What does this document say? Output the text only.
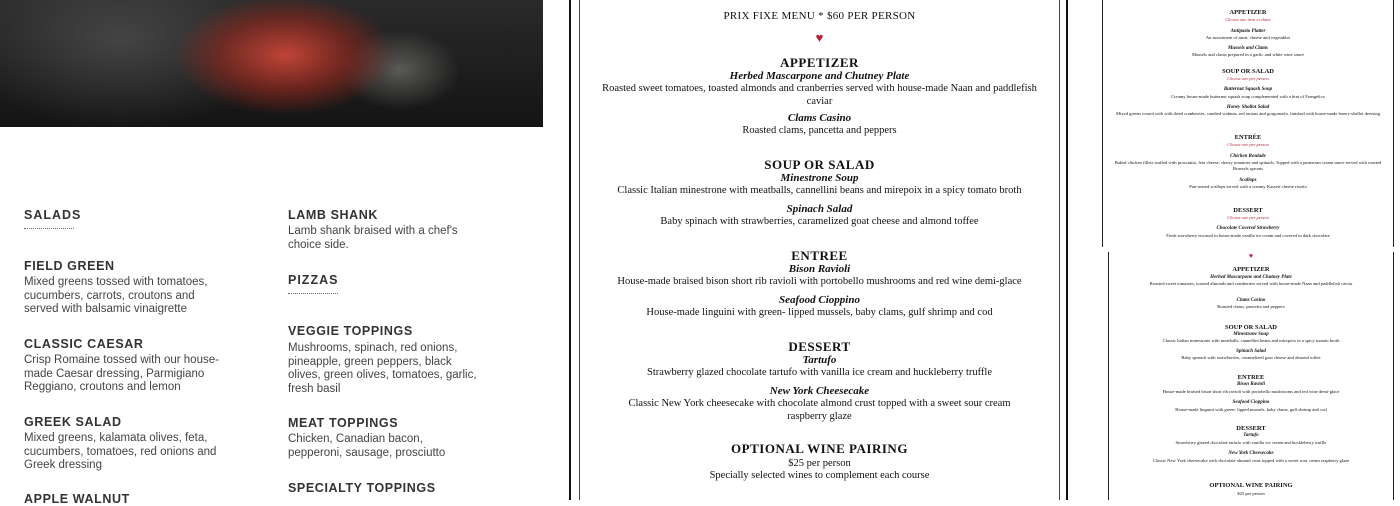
SALADS
FIELD GREEN
Mixed greens tossed with tomatoes, cucumbers, carrots, croutons and served with balsamic vinaigrette
CLASSIC CAESAR
Crisp Romaine tossed with our house-made Caesar dressing, Parmigiano Reggiano, croutons and lemon
GREEK SALAD
Mixed greens, kalamata olives, feta, cucumbers, tomatoes, red onions and Greek dressing
APPLE WALNUT
LAMB SHANK
Lamb shank braised with a chef's choice side.
PIZZAS
VEGGIE TOPPINGS
Mushrooms, spinach, red onions, pineapple, green peppers, black olives, green olives, tomatoes, garlic, fresh basil
MEAT TOPPINGS
Chicken, Canadian bacon, pepperoni, sausage, prosciutto
SPECIALTY TOPPINGS
PRIX FIXE MENU * $60 PER PERSON
♥
APPETIZER
Herbed Mascarpone and Chutney Plate
Roasted sweet tomatoes, toasted almonds and cranberries served with house-made Naan and paddlefish caviar
Clams Casino
Roasted clams, pancetta and peppers
SOUP OR SALAD
Minestrone Soup
Classic Italian minestrone with meatballs, cannellini beans and mirepoix in a spicy tomato broth
Spinach Salad
Baby spinach with strawberries, caramelized goat cheese and almond toffee
ENTREE
Bison Ravioli
House-made braised bison short rib ravioli with portobello mushrooms and red wine demi-glace
Seafood Cioppino
House-made linguini with green- lipped mussels, baby clams, gulf shrimp and cod
DESSERT
Tartufo
Strawberry glazed chocolate tartufo with vanilla ice cream and huckleberry truffle
New York Cheesecake
Classic New York cheesecake with chocolate almond crust topped with a sweet sour cream raspberry glaze
OPTIONAL WINE PAIRING
$25 per person
Specially selected wines to complement each course
APPETIZER
Choose one item to share
Antipasto Platter
An assortment of meat, cheese and vegetables
Mussels and Clams
Mussels and clams prepared in a garlic and white wine sauce
SOUP OR SALAD
Choose one per person
Butternut Squash Soup
Creamy house-made butternut squash soup complemented with a hint of Frangelico
Honey Shallot Salad
Mixed greens tossed with with dried cranberries, candied walnuts, red onions and gorgonzola, finished with house-made honey-shallot dressing
ENTRÉE
Choose one per person
Chicken Roulade
Baked chicken fillets stuffed with prosciutto, feta cheese, cherry tomatoes and spinach; Topped with a parmesan cream sauce served with roasted Brussels sprouts
Scallops
Pan-seared scallops served with a creamy Kasseri cheese risotto
DESSERT
Choose one per person
Chocolate Covered Strawberry
Fresh strawberry encased in house-made vanilla ice cream and covered in dark chocolate
♥
APPETIZER
Herbed Mascarpone and Chutney Plate
Roasted sweet tomatoes, toasted almonds and cranberries served with house-made Naan and paddlefish caviar
Clams Casino
Roasted clams, pancetta and peppers
SOUP OR SALAD
Minestrone Soup
Classic Italian minestrone with meatballs, cannellini beans and mirepoix in a spicy tomato broth
Spinach Salad
Baby spinach with strawberries, caramelized goat cheese and almond toffee
ENTREE
Bison Ravioli
House-made braised bison short rib ravioli with portobello mushrooms and red wine demi-glace
Seafood Cioppino
House-made linguini with green- lipped mussels, baby clams, gulf shrimp and cod
DESSERT
Tartufo
Strawberry glazed chocolate tartufo with vanilla ice cream and huckleberry truffle
New York Cheesecake
Classic New York cheesecake with chocolate almond crust topped with a sweet sour cream raspberry glaze
OPTIONAL WINE PAIRING
$25 per person
